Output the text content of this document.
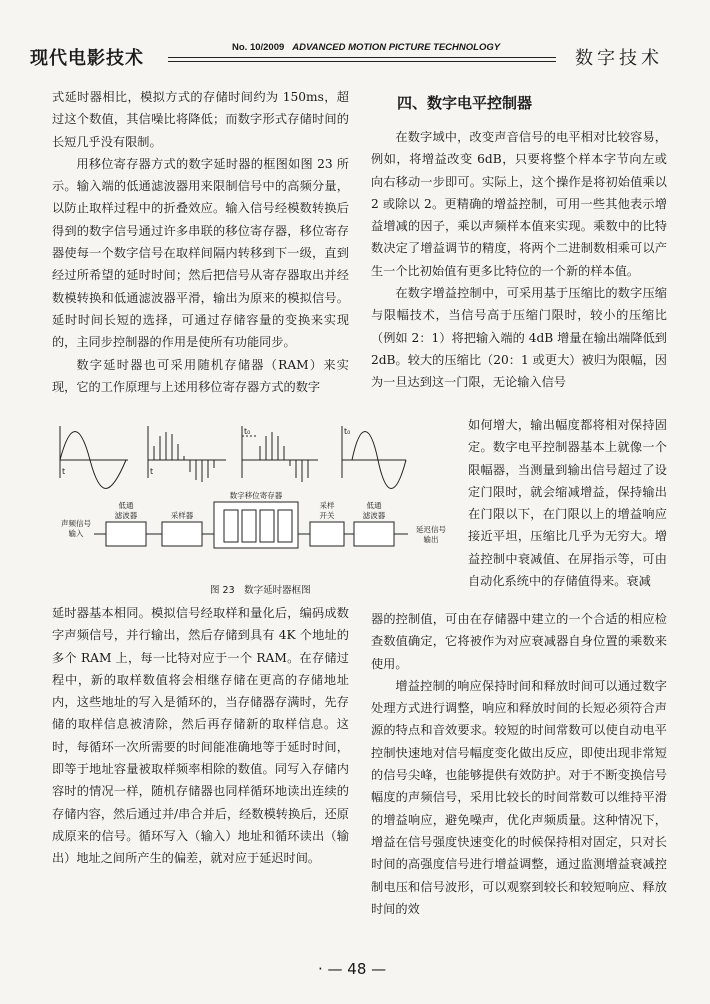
现代电影技术
No. 10/2009 ADVANCED MOTION PICTURE TECHNOLOGY
数字技术

式延时器相比，模拟方式的存储时间约为 150ms，超过这个数值，其信噪比将降低；而数字形式存储时间的长短几乎没有限制。

用移位寄存器方式的数字延时器的框图如图 23 所示。输入端的低通滤波器用来限制信号中的高频分量，以防止取样过程中的折叠效应。输入信号经模数转换后得到的数字信号通过许多串联的移位寄存器，移位寄存器使每一个数字信号在取样间隔内转移到下一级，直到经过所希望的延时时间；然后把信号从寄存器取出并经数模转换和低通滤波器平滑，输出为原来的模拟信号。延时时间长短的选择，可通过存储容量的变换来实现的，主同步控制器的作用是使所有功能同步。

数字延时器也可采用随机存储器（RAM）来实现，它的工作原理与上述用移位寄存器方式的数字

t	t
t₀	t₀
声频信号
输入
低通
滤波器	采样器
数字移位寄存器
采样
开关
低通
滤波器
延迟信号
输出
图 23　数字延时器框图

延时器基本相同。模拟信号经取样和量化后，编码成数字声频信号，并行输出，然后存储到具有 4K 个地址的多个 RAM 上，每一比特对应于一个 RAM。在存储过程中，新的取样数值将会相继存储在更高的存储地址内，这些地址的写入是循环的，当存储器存满时，先存储的取样信息被清除，然后再存储新的取样信息。这时，每循环一次所需要的时间能准确地等于延时时间，即等于地址容量被取样频率相除的数值。同写入存储内容时的情况一样，随机存储器也同样循环地读出连续的存储内容，然后通过并/串合并后，经数模转换后，还原成原来的信号。循环写入（输入）地址和循环读出（输出）地址之间所产生的偏差，就对应于延迟时间。

四、数字电平控制器

在数字域中，改变声音信号的电平相对比较容易，例如，将增益改变 6dB，只要将整个样本字节向左或向右移动一步即可。实际上，这个操作是将初始值乘以 2 或除以 2。更精确的增益控制，可用一些其他表示增益增减的因子，乘以声频样本值来实现。乘数中的比特数决定了增益调节的精度，将两个二进制数相乘可以产生一个比初始值有更多比特位的一个新的样本值。

在数字增益控制中，可采用基于压缩比的数字压缩与限幅技术，当信号高于压缩门限时，较小的压缩比（例如 2：1）将把输入端的 4dB 增量在输出端降低到 2dB。较大的压缩比（20：1 或更大）被归为限幅，因为一旦达到这一门限，无论输入信号

如何增大，输出幅度都将相对保持固定。数字电平控制器基本上就像一个限幅器，当测量到输出信号超过了设定门限时，就会缩减增益，保持输出在门限以下，在门限以上的增益响应接近平坦，压缩比几乎为无穷大。增益控制中衰减值、在屏指示等，可由自动化系统中的存储值得来。衰减

器的控制值，可由在存储器中建立的一个合适的相应检查数值确定，它将被作为对应衰减器自身位置的乘数来使用。

增益控制的响应保持时间和释放时间可以通过数字处理方式进行调整，响应和释放时间的长短必须符合声源的特点和音效要求。较短的时间常数可以使自动电平控制快速地对信号幅度变化做出反应，即使出现非常短的信号尖峰，也能够提供有效防护。对于不断变换信号幅度的声频信号，采用比较长的时间常数可以维持平滑的增益响应，避免噪声，优化声频质量。这种情况下，增益在信号强度快速变化的时候保持相对固定，只对长时间的高强度信号进行增益调整，通过监测增益衰减控制电压和信号波形，可以观察到较长和较短响应、释放时间的效

· — 48 —
